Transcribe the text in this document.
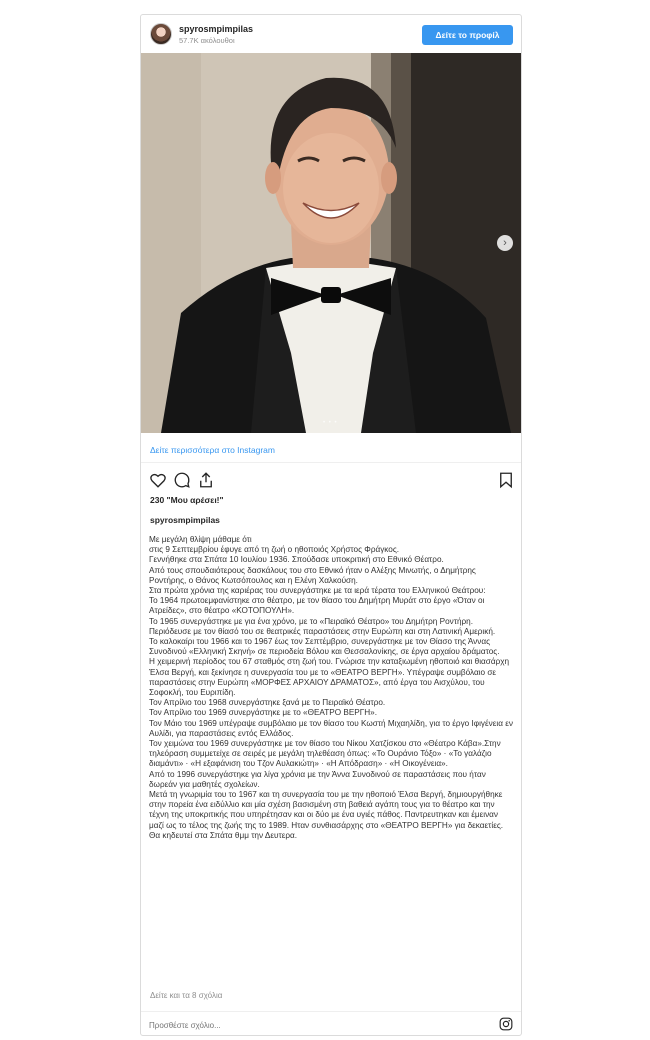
spyrosmpimpilas
57.7K ακόλουθοι
Δείτε το προφίλ
›
• • •
Δείτε περισσότερα στο Instagram
230 "Μου αρέσει!"
spyrosmpimpilas
Με μεγάλη θλίψη μάθαμε ότι
στις 9 Σεπτεμβρίου έφυγε από τη ζωή ο ηθοποιός Χρήστος Φράγκος.
Γεννήθηκε στα Σπάτα 10 Ιουλίου 1936. Σπούδασε υποκριτική στο Εθνικό Θέατρο.
Από τους σπουδαιότερους δασκάλους του στο Εθνικό ήταν ο Αλέξης Μινωτής, ο Δημήτρης Ροντήρης, ο Θάνος Κωτσόπουλος και η Ελένη Χαλκούση.
Στα πρώτα χρόνια της καριέρας του συνεργάστηκε με τα ιερά τέρατα του Ελληνικού Θεάτρου:
Το 1964 πρωτοεμφανίστηκε στο θέατρο, με τον θίασο του Δημήτρη Μυράτ στο έργο «Όταν οι Ατρείδες», στο θέατρο «ΚΟΤΟΠΟΥΛΗ».
Το 1965 συνεργάστηκε με για ένα χρόνο, με το «Πειραϊκό Θέατρο» του Δημήτρη Ροντήρη. Περιόδευσε με τον θίασό του σε θεατρικές παραστάσεις στην Ευρώπη και στη Λατινική Αμερική.
Το καλοκαίρι του 1966 και το 1967 έως τον Σεπτέμβριο, συνεργάστηκε με τον Θίασο της Άννας Συνοδινού «Ελληνική Σκηνή» σε περιοδεία Βόλου και Θεσσαλονίκης, σε έργα αρχαίου δράματος.
Η χειμερινή περίοδος του 67 σταθμός στη ζωή του. Γνώρισε την καταξιωμένη ηθοποιό και θιασάρχη Έλσα Βεργή, και ξεκίνησε η συνεργασία του με το «ΘΕΑΤΡΟ ΒΕΡΓΗ». Υπέγραψε συμβόλαιο σε παραστάσεις στην Ευρώπη «ΜΟΡΦΕΣ ΑΡΧΑΙΟΥ ΔΡΑΜΑΤΟΣ», από έργα του Αισχύλου, του Σοφοκλή, του Ευριπίδη.
Τον Απρίλιο του 1968 συνεργάστηκε ξανά με το Πειραϊκό Θέατρο.
Τον Απρίλιο του 1969 συνεργάστηκε με το «ΘΕΑΤΡΟ ΒΕΡΓΗ».
Τον Μάιο του 1969 υπέγραψε συμβόλαιο με τον θίασο του Κωστή Μιχαηλίδη, για το έργο Ιφιγένεια εν Αυλίδι, για παραστάσεις εντός Ελλάδος.
Τον χειμώνα του 1969 συνεργάστηκε με τον θίασο του Νίκου Χατζίσκου στο «Θέατρο Κάβα».Στην τηλεόραση συμμετείχε σε σειρές με μεγάλη τηλεθέαση όπως: «Το Ουράνιο Τόξο» · «Το γαλάζιο διαμάντι» · «Η εξαφάνιση του Τζον Αυλακιώτη» · «Η Απόδραση» · «Η Οικογένεια».
Από το 1996 συνεργάστηκε για λίγα χρόνια με την Άννα Συνοδινού σε παραστάσεις που ήταν δωρεάν για μαθητές σχολείων.
Μετά τη γνωριμία του το 1967 και τη συνεργασία του με την ηθοποιό Έλσα Βεργή, δημιουργήθηκε στην πορεία ένα ειδύλλιο και μία σχέση βασισμένη στη βαθειά αγάπη τους για το θέατρο και την τέχνη της υποκριτικής που υπηρέτησαν και οι δύο με ένα υγιές πάθος. Παντρευτηκαν και έμειναν μαζί ως το τέλος της ζωής της το 1989. Ηταν συνθιασάρχης στο «ΘΕΑΤΡΟ ΒΕΡΓΗ» για δεκαετίες. Θα κηδευτεί στα Σπάτα θμμ την Δευτερα.
Δείτε και τα 8 σχόλια
Προσθέστε σχόλιο...
